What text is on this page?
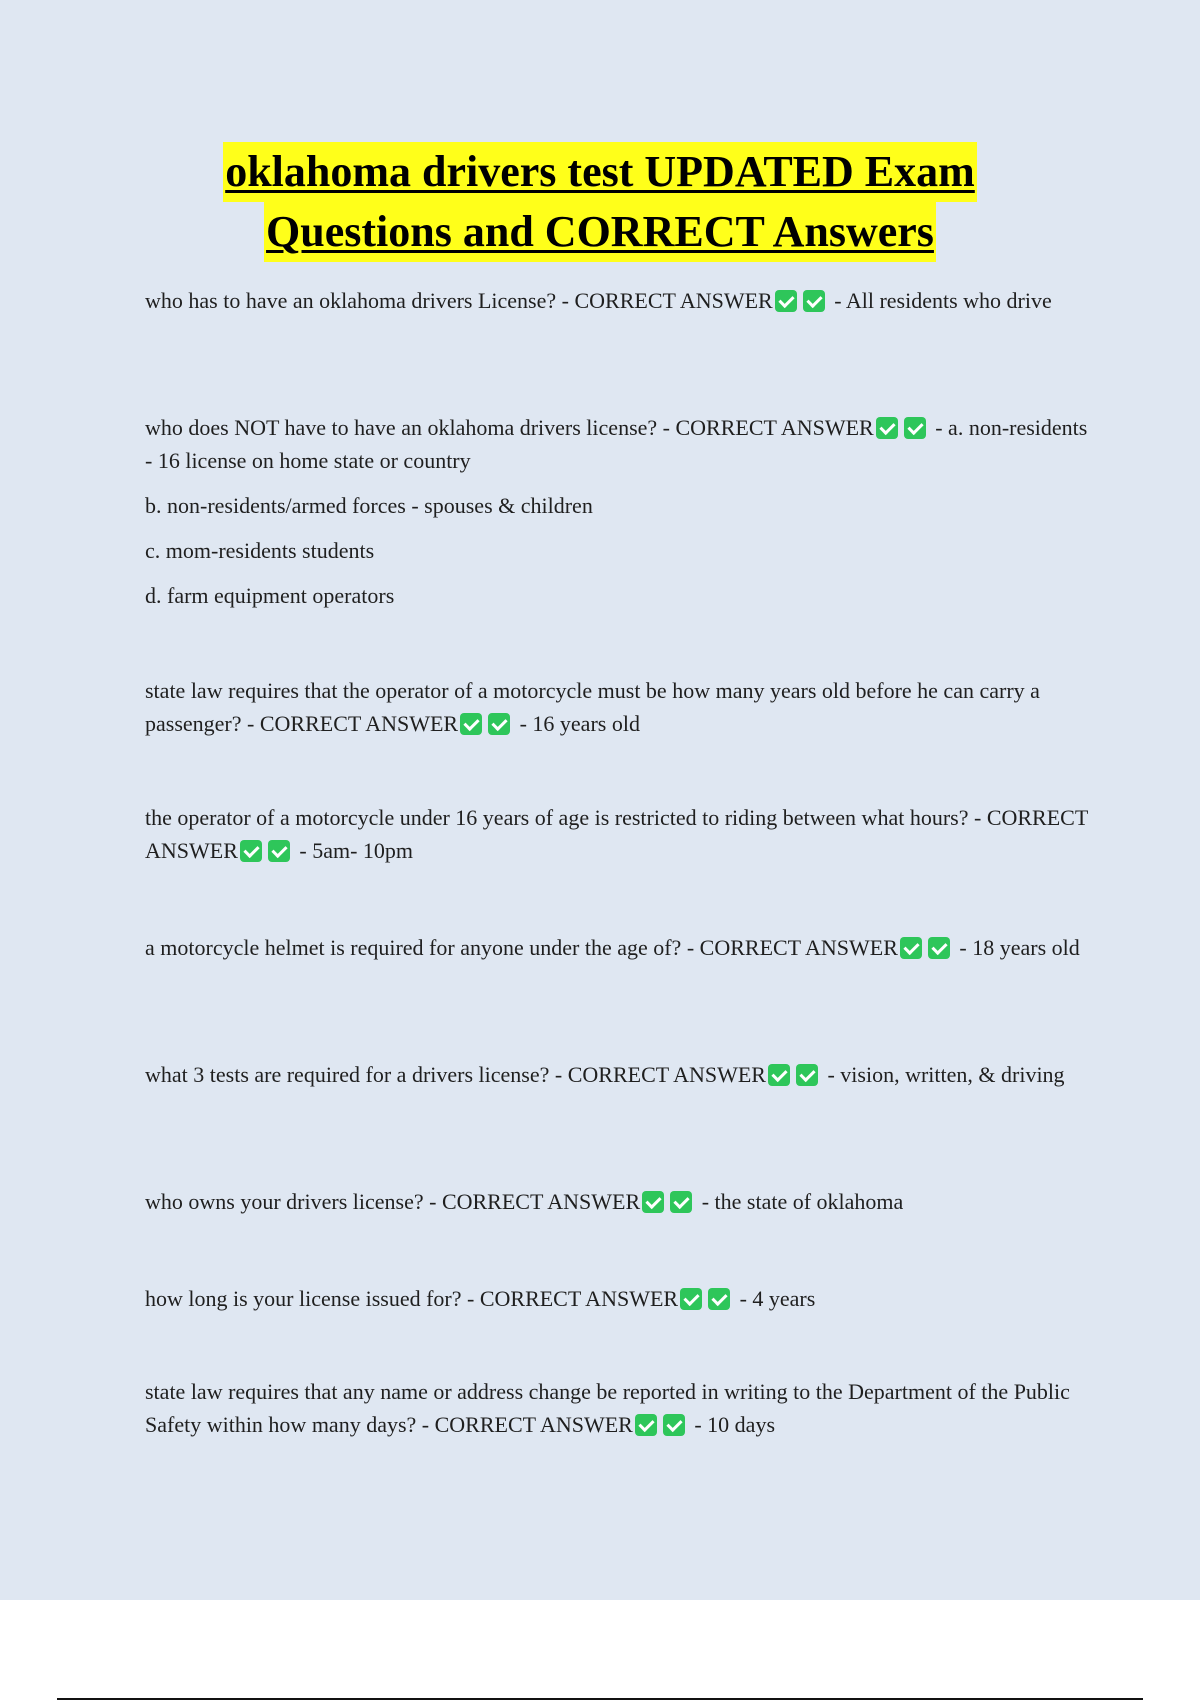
oklahoma drivers test UPDATED Exam
Questions and CORRECT Answers

who has to have an oklahoma drivers License? - CORRECT ANSWER	- All residents who drive

who does NOT have to have an oklahoma drivers license? - CORRECT ANSWER	- a. non-residents - 16 license on home state or country

b. non-residents/armed forces - spouses & children

c. mom-residents students

d. farm equipment operators

state law requires that the operator of a motorcycle must be how many years old before he can carry a passenger? - CORRECT ANSWER	- 16 years old

the operator of a motorcycle under 16 years of age is restricted to riding between what hours? - CORRECT ANSWER	- 5am- 10pm

a motorcycle helmet is required for anyone under the age of? - CORRECT ANSWER	- 18 years old

what 3 tests are required for a drivers license? - CORRECT ANSWER	- vision, written, & driving

who owns your drivers license? - CORRECT ANSWER	- the state of oklahoma

how long is your license issued for? - CORRECT ANSWER	- 4 years

state law requires that any name or address change be reported in writing to the Department of the Public Safety within how many days? - CORRECT ANSWER	- 10 days
